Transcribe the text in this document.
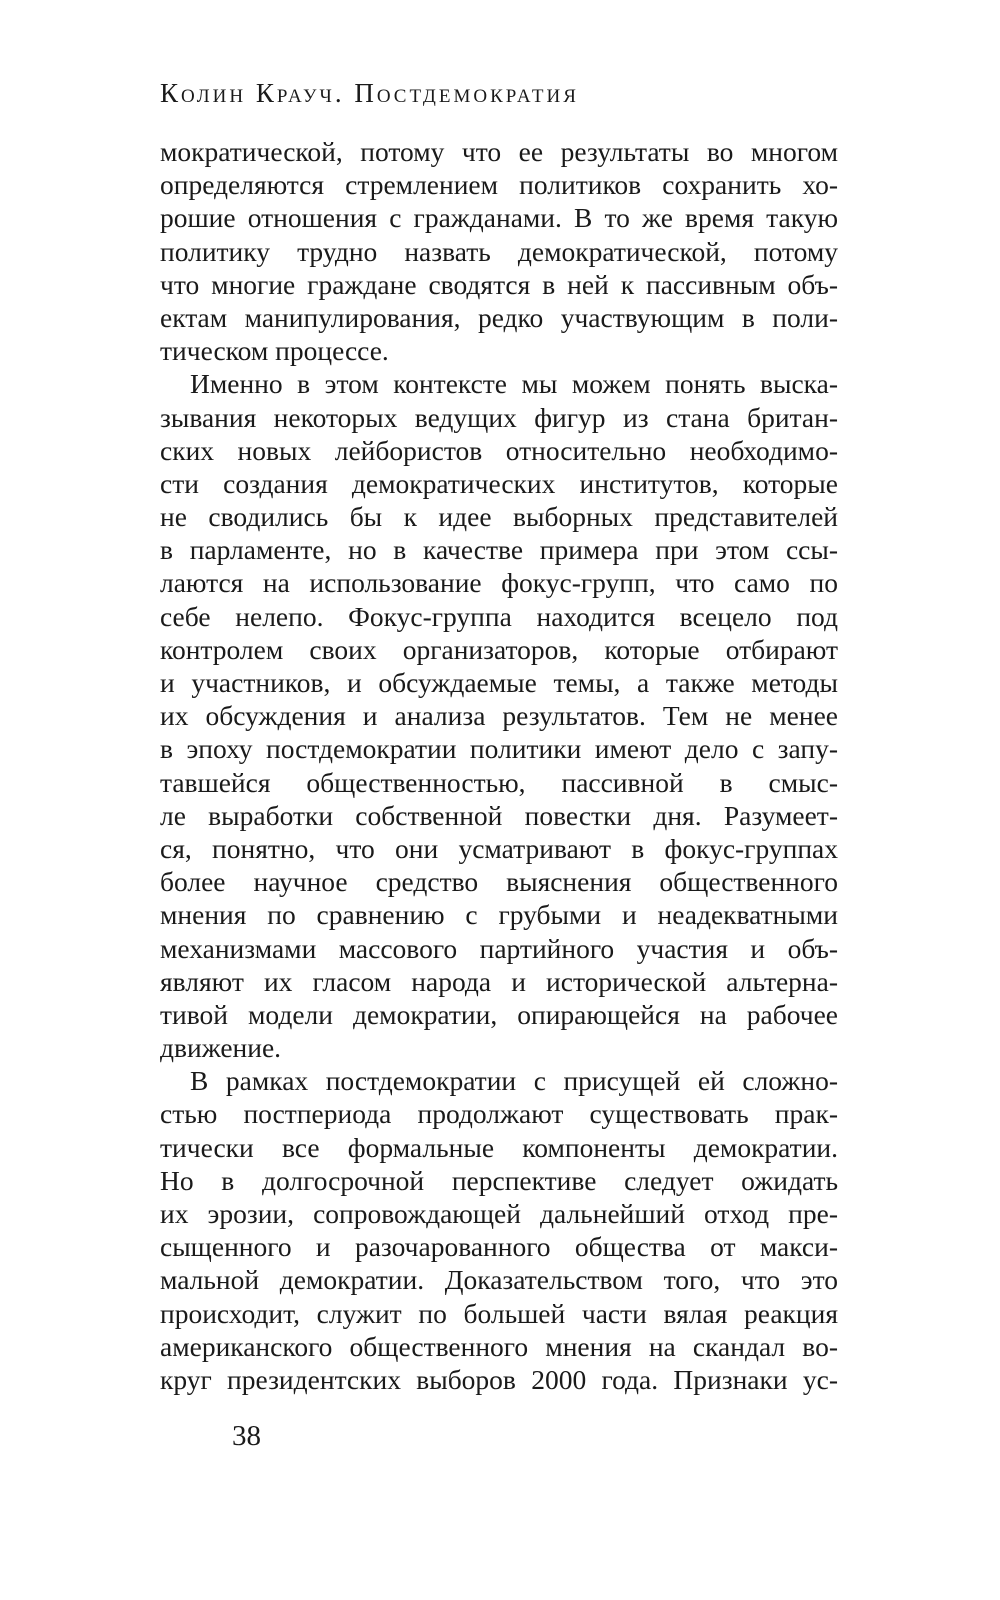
Колин Крауч. Постдемократия
мократической, потому что ее результаты во многом
определяются стремлением политиков сохранить хо-
рошие отношения с гражданами. В то же время такую
политику трудно назвать демократической, потому
что многие граждане сводятся в ней к пассивным объ-
ектам манипулирования, редко участвующим в поли-
тическом процессе.
Именно в этом контексте мы можем понять выска-
зывания некоторых ведущих фигур из стана британ-
ских новых лейбористов относительно необходимо-
сти создания демократических институтов, которые
не сводились бы к идее выборных представителей
в парламенте, но в качестве примера при этом ссы-
лаются на использование фокус-групп, что само по
себе нелепо. Фокус-группа находится всецело под
контролем своих организаторов, которые отбирают
и участников, и обсуждаемые темы, а также методы
их обсуждения и анализа результатов. Тем не менее
в эпоху постдемократии политики имеют дело с запу-
тавшейся общественностью, пассивной в смыс-
ле выработки собственной повестки дня. Разумеет-
ся, понятно, что они усматривают в фокус-группах
более научное средство выяснения общественного
мнения по сравнению с грубыми и неадекватными
механизмами массового партийного участия и объ-
являют их гласом народа и исторической альтерна-
тивой модели демократии, опирающейся на рабочее
движение.
В рамках постдемократии с присущей ей сложно-
стью постпериода продолжают существовать прак-
тически все формальные компоненты демократии.
Но в долгосрочной перспективе следует ожидать
их эрозии, сопровождающей дальнейший отход пре-
сыщенного и разочарованного общества от макси-
мальной демократии. Доказательством того, что это
происходит, служит по большей части вялая реакция
американского общественного мнения на скандал во-
круг президентских выборов 2000 года. Признаки ус-
38
